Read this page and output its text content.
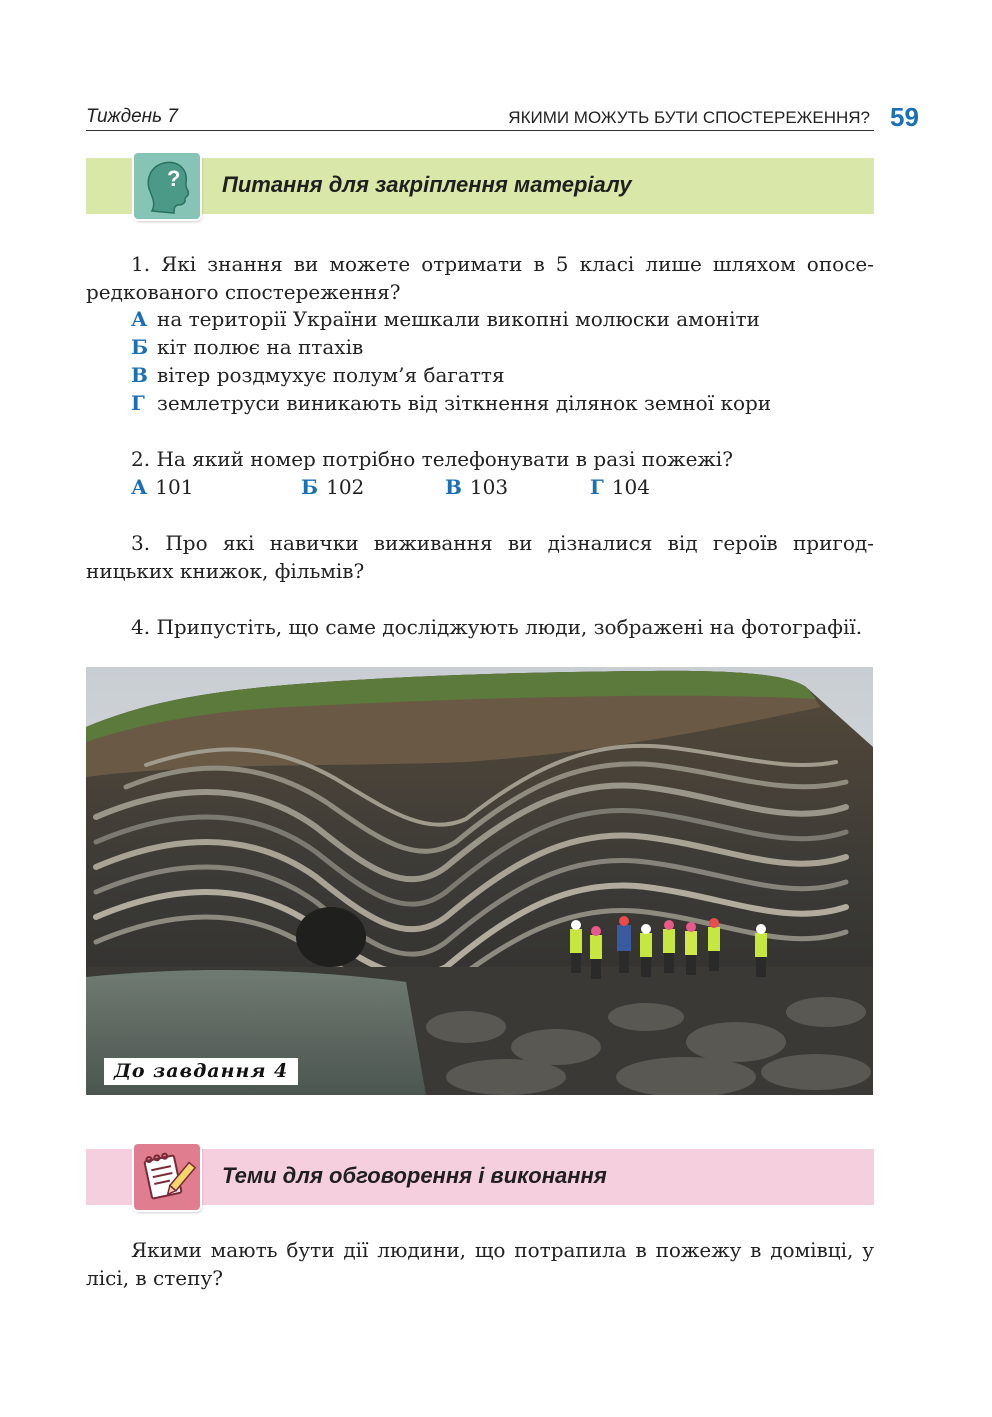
Тиждень 7	ЯКИМИ МОЖУТЬ БУТИ СПОСТЕРЕЖЕННЯ? 59
? Питання для закріплення матеріалу
1. Які знання ви можете отримати в 5 класі лише шляхом опосе-редкованого спостереження?
А на території України мешкали викопні молюски амоніти
Б кіт полює на птахів
В вітер роздмухує полум’я багаття
Г землетруси виникають від зіткнення ділянок земної кори
2. На який номер потрібно телефонувати в разі пожежі?
А 101	Б 102	В 103	Г 104
3. Про які навички виживання ви дізналися від героїв пригод-ницьких книжок, фільмів?
4. Припустіть, що саме досліджують люди, зображені на фотографії.
До завдання 4
Теми для обговорення і виконання
Якими мають бути дії людини, що потрапила в пожежу в домівці, у лісі, в степу?
